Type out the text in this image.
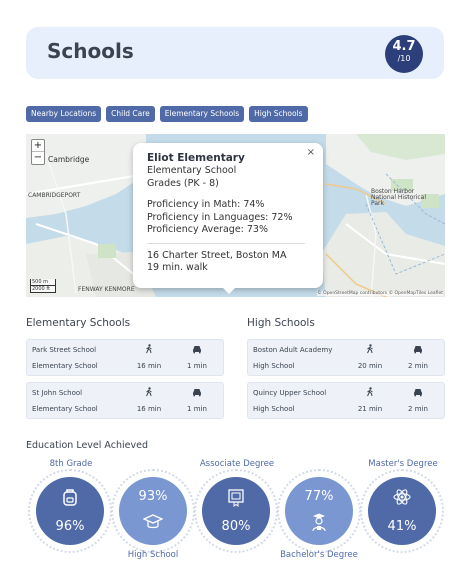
Schools	4.7
/10
Nearby Locations	Child Care	Elementary Schools	High Schools
+
− Cambridge
CAMBRIDGEPORT
FENWAY KENMORE
Boston Harbor
National Historical
Park
500 m
2000 ft
© OpenStreetMap contributors © OpenMapTiles Leaflet
×
Eliot Elementary
Elementary School
Grades (PK - 8)
Proficiency in Math: 74%
Proficiency in Languages: 72%
Proficiency Average: 73%
16 Charter Street, Boston MA
19 min. walk
Elementary Schools	High Schools
Park Street School
Elementary School	16 min	1 min
St John School
Elementary School	16 min	1 min
Boston Adult Academy
High School	20 min	2 min
Quincy Upper School
High School	21 min	2 min
Education Level Achieved
8th Grade
96%
93%
High School
Associate Degree
80%
77%
Bachelor's Degree
Master's Degree
41%
